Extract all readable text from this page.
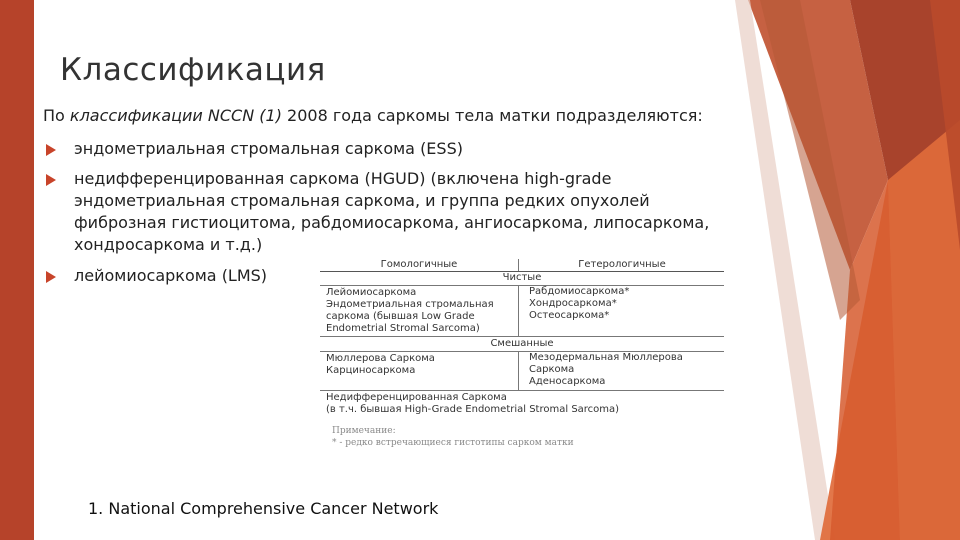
Классификация
По классификации NCCN (1) 2008 года саркомы тела матки подразделяются:
эндометриальная стромальная саркома (ESS)
недифференцированная саркома (HGUD) (включена high-grade
эндометриальная стромальная саркома, и группа редких опухолей
фиброзная гистиоцитома, рабдомиосаркома, ангиосаркома, липосаркома,
хондросаркома и т.д.)
лейомиосаркома (LMS)
Гомологичные	Гетерологичные
Чистые
Лейомиосаркома
Эндометриальная стромальная
саркома (бывшая Low Grade
Endometrial Stromal Sarcoma)
Рабдомиосаркома*
Хондросаркома*
Остеосаркома*
Смешанные
Мюллерова Саркома
Карциносаркома
Мезодермальная Мюллерова
Саркома
Аденосаркома
Недифференцированная Саркома
(в т.ч. бывшая High-Grade Endometrial Stromal Sarcoma)
Примечание:
* - редко встречающиеся гистотипы сарком матки
1. National Comprehensive Cancer Network
